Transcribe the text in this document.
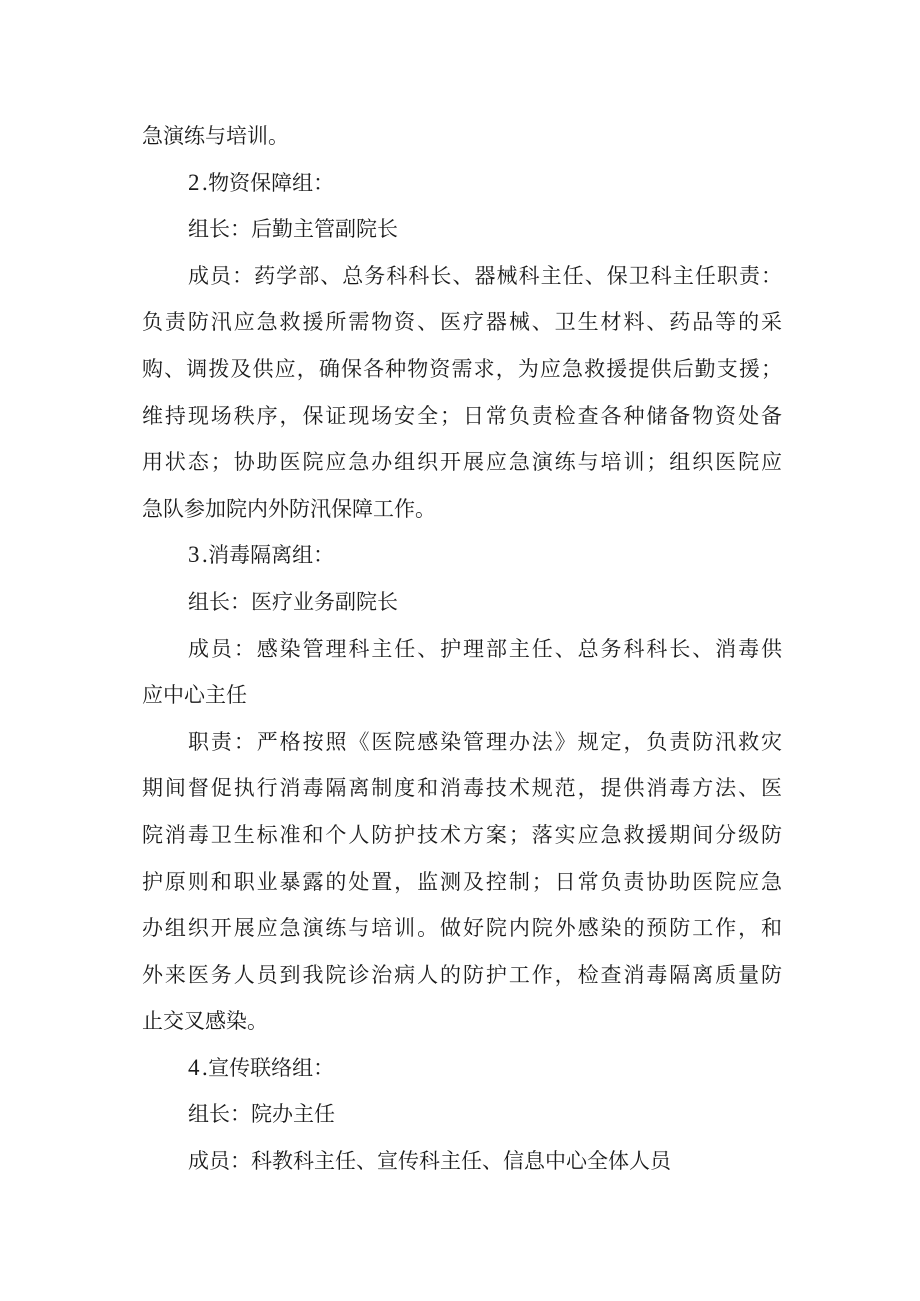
急演练与培训。
2.物资保障组：
组长：后勤主管副院长
成员：药学部、总务科科长、器械科主任、保卫科主任职责：
负责防汛应急救援所需物资、医疗器械、卫生材料、药品等的采
购、调拨及供应，确保各种物资需求，为应急救援提供后勤支援；
维持现场秩序，保证现场安全；日常负责检查各种储备物资处备
用状态；协助医院应急办组织开展应急演练与培训；组织医院应
急队参加院内外防汛保障工作。
3.消毒隔离组：
组长：医疗业务副院长
成员：感染管理科主任、护理部主任、总务科科长、消毒供
应中心主任
职责：严格按照《医院感染管理办法》规定，负责防汛救灾
期间督促执行消毒隔离制度和消毒技术规范，提供消毒方法、医
院消毒卫生标准和个人防护技术方案；落实应急救援期间分级防
护原则和职业暴露的处置，监测及控制；日常负责协助医院应急
办组织开展应急演练与培训。做好院内院外感染的预防工作，和
外来医务人员到我院诊治病人的防护工作，检查消毒隔离质量防
止交叉感染。
4.宣传联络组：
组长：院办主任
成员：科教科主任、宣传科主任、信息中心全体人员
